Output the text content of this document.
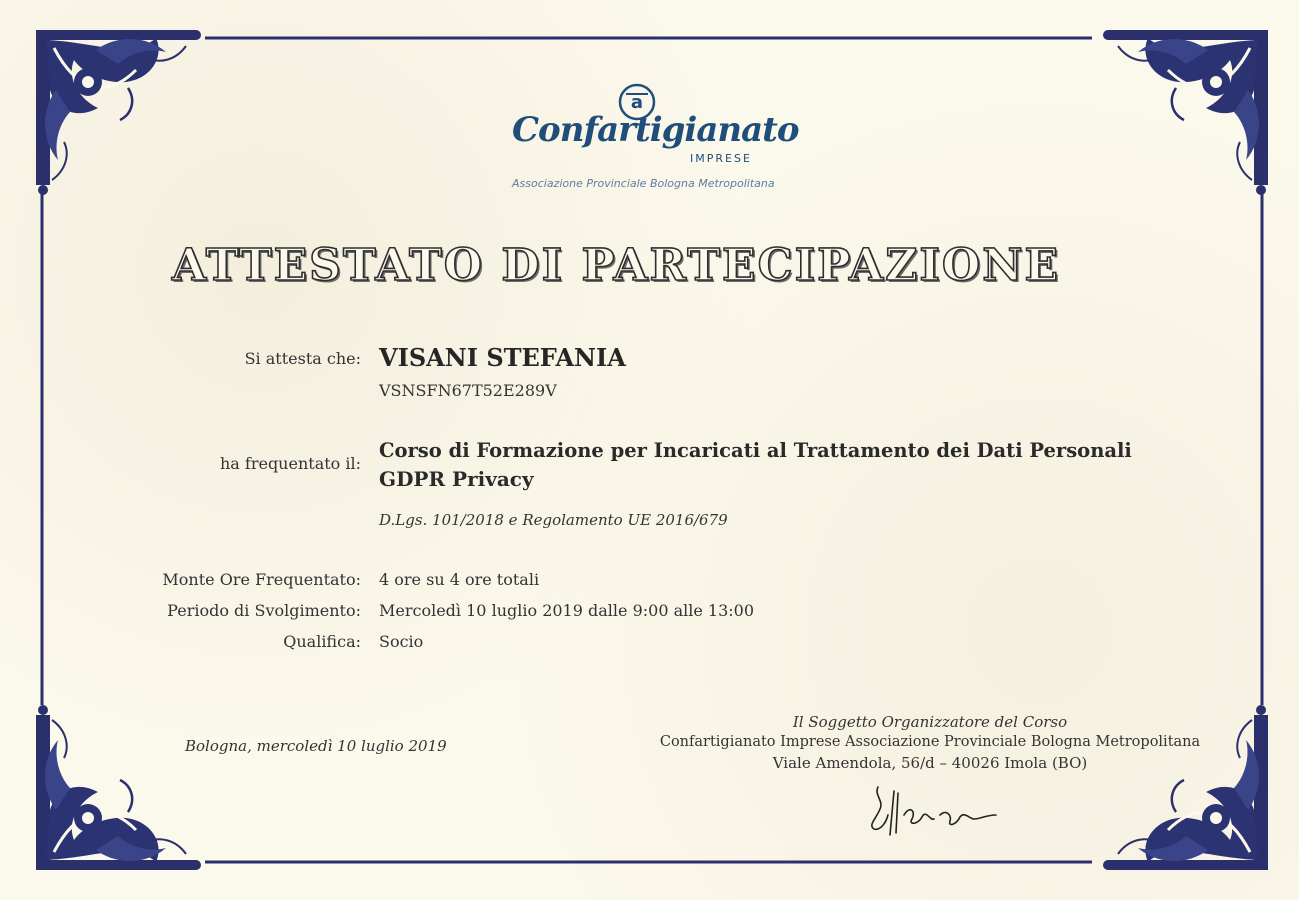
a
Confartigianato
IMPRESE
Associazione Provinciale Bologna Metropolitana
ATTESTATO DI PARTECIPAZIONE
Si attesta che: VISANI STEFANIA
VSNSFN67T52E289V
ha frequentato il:
Corso di Formazione per Incaricati al Trattamento dei Dati Personali
GDPR Privacy
D.Lgs. 101/2018 e Regolamento UE 2016/679
Monte Ore Frequentato: 4 ore su 4 ore totali
Periodo di Svolgimento: Mercoledì 10 luglio 2019 dalle 9:00 alle 13:00
Qualifica: Socio
Bologna, mercoledì 10 luglio 2019
Il Soggetto Organizzatore del Corso
Confartigianato Imprese Associazione Provinciale Bologna Metropolitana
Viale Amendola, 56/d – 40026 Imola (BO)
